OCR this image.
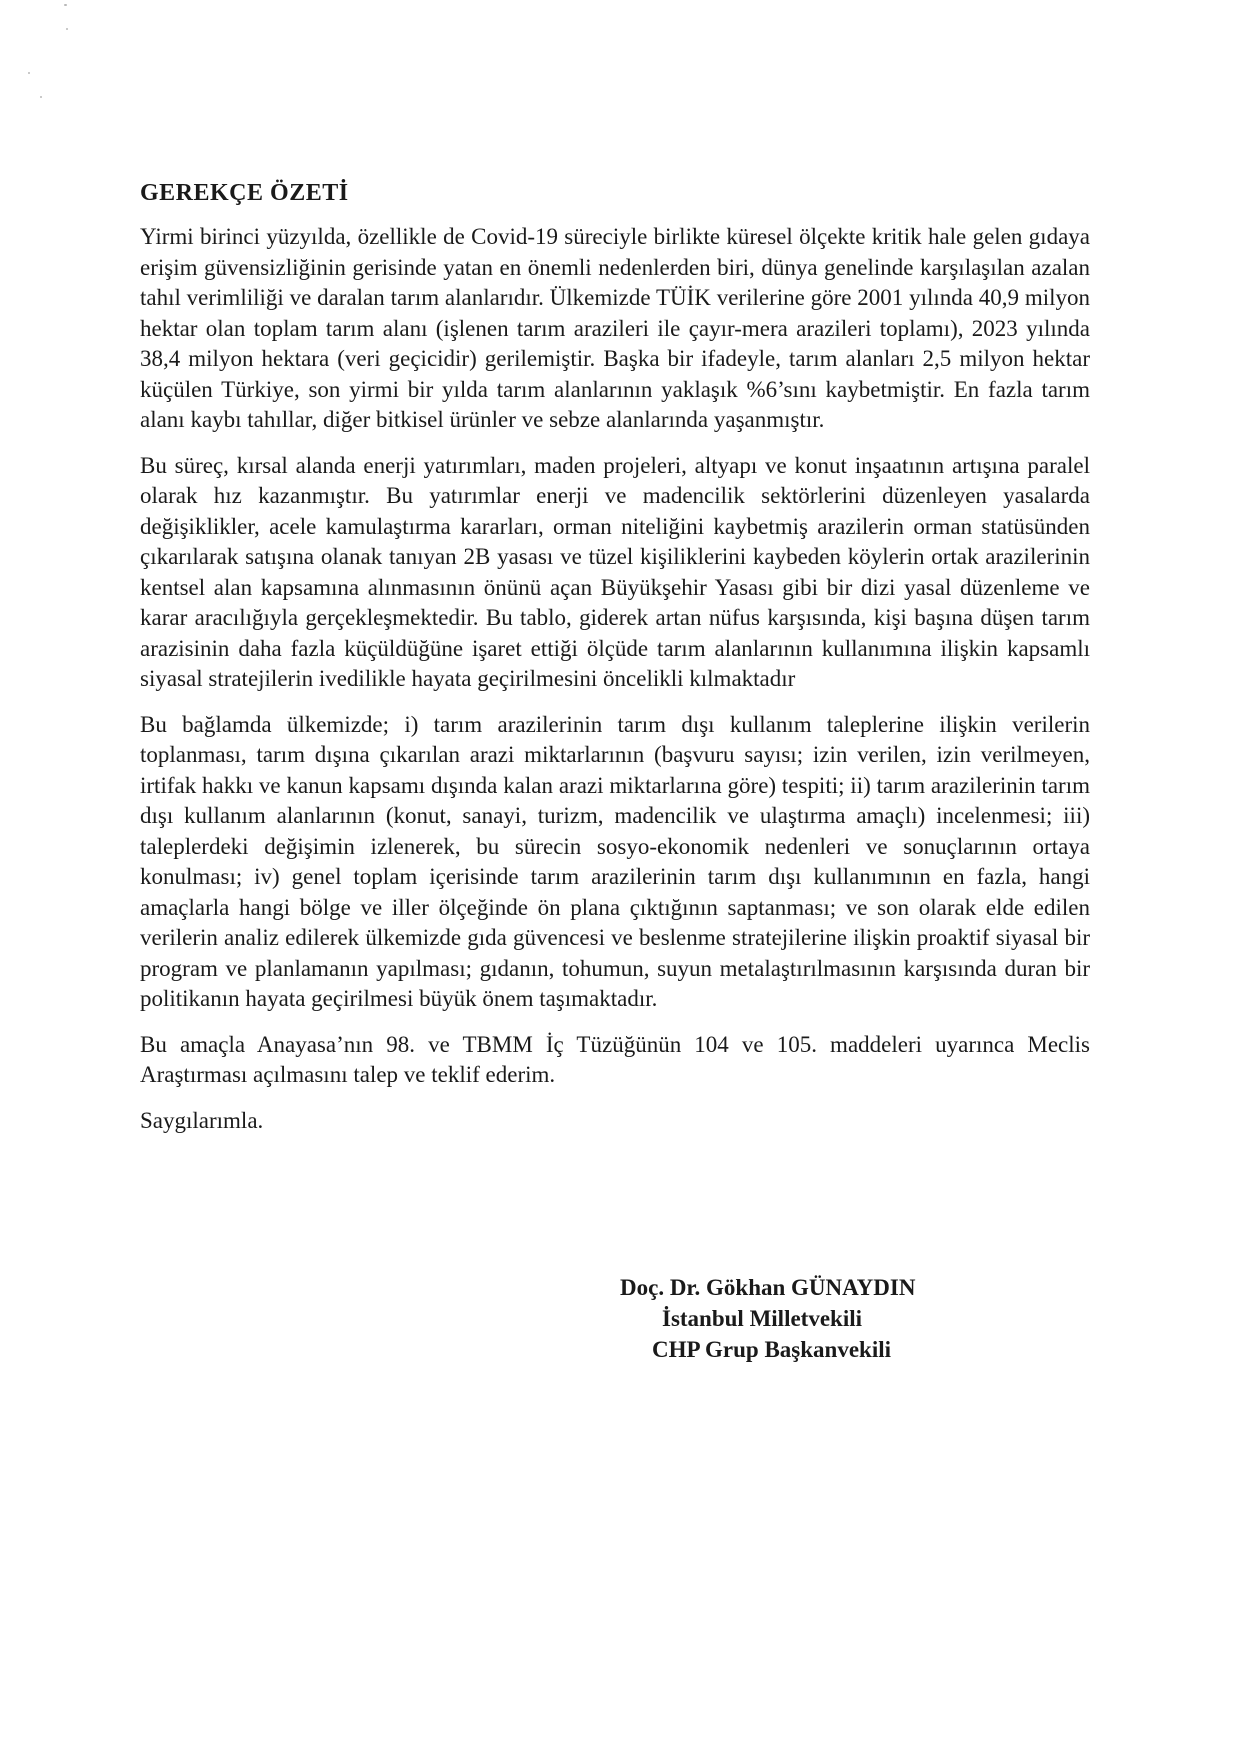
GEREKÇE ÖZETİ

Yirmi birinci yüzyılda, özellikle de Covid-19 süreciyle birlikte küresel ölçekte kritik hale gelen gıdaya erişim güvensizliğinin gerisinde yatan en önemli nedenlerden biri, dünya genelinde karşılaşılan azalan tahıl verimliliği ve daralan tarım alanlarıdır. Ülkemizde TÜİK verilerine göre 2001 yılında 40,9 milyon hektar olan toplam tarım alanı (işlenen tarım arazileri ile çayır-mera arazileri toplamı), 2023 yılında 38,4 milyon hektara (veri geçicidir) gerilemiştir. Başka bir ifadeyle, tarım alanları 2,5 milyon hektar küçülen Türkiye, son yirmi bir yılda tarım alanlarının yaklaşık %6’sını kaybetmiştir. En fazla tarım alanı kaybı tahıllar, diğer bitkisel ürünler ve sebze alanlarında yaşanmıştır.

Bu süreç, kırsal alanda enerji yatırımları, maden projeleri, altyapı ve konut inşaatının artışına paralel olarak hız kazanmıştır. Bu yatırımlar enerji ve madencilik sektörlerini düzenleyen yasalarda değişiklikler, acele kamulaştırma kararları, orman niteliğini kaybetmiş arazilerin orman statüsünden çıkarılarak satışına olanak tanıyan 2B yasası ve tüzel kişiliklerini kaybeden köylerin ortak arazilerinin kentsel alan kapsamına alınmasının önünü açan Büyükşehir Yasası gibi bir dizi yasal düzenleme ve karar aracılığıyla gerçekleşmektedir. Bu tablo, giderek artan nüfus karşısında, kişi başına düşen tarım arazisinin daha fazla küçüldüğüne işaret ettiği ölçüde tarım alanlarının kullanımına ilişkin kapsamlı siyasal stratejilerin ivedilikle hayata geçirilmesini öncelikli kılmaktadır

Bu bağlamda ülkemizde; i) tarım arazilerinin tarım dışı kullanım taleplerine ilişkin verilerin toplanması, tarım dışına çıkarılan arazi miktarlarının (başvuru sayısı; izin verilen, izin verilmeyen, irtifak hakkı ve kanun kapsamı dışında kalan arazi miktarlarına göre) tespiti; ii) tarım arazilerinin tarım dışı kullanım alanlarının (konut, sanayi, turizm, madencilik ve ulaştırma amaçlı) incelenmesi; iii) taleplerdeki değişimin izlenerek, bu sürecin sosyo-ekonomik nedenleri ve sonuçlarının ortaya konulması; iv) genel toplam içerisinde tarım arazilerinin tarım dışı kullanımının en fazla, hangi amaçlarla hangi bölge ve iller ölçeğinde ön plana çıktığının saptanması; ve son olarak elde edilen verilerin analiz edilerek ülkemizde gıda güvencesi ve beslenme stratejilerine ilişkin proaktif siyasal bir program ve planlamanın yapılması; gıdanın, tohumun, suyun metalaştırılmasının karşısında duran bir politikanın hayata geçirilmesi büyük önem taşımaktadır.

Bu amaçla Anayasa’nın 98. ve TBMM İç Tüzüğünün 104 ve 105. maddeleri uyarınca Meclis Araştırması açılmasını talep ve teklif ederim.

Saygılarımla.

Doç. Dr. Gökhan GÜNAYDIN
İstanbul Milletvekili
CHP Grup Başkanvekili
